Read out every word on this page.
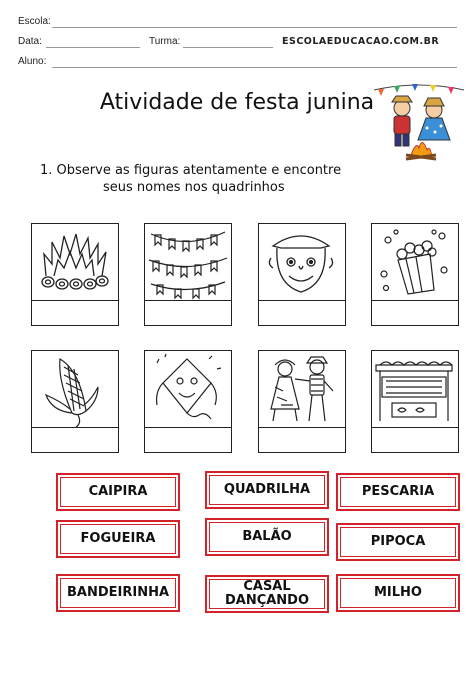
Escola:
Data:	Turma:	ESCOLAEDUCACAO.COM.BR
Aluno:
Atividade de festa junina
1. Observe as figuras atentamente e encontre
seus nomes nos quadrinhos
CAIPIRA	QUADRILHA	PESCARIA
FOGUEIRA	BALÃO	PIPOCA
BANDEIRINHA	CASAL
DANÇANDO
MILHO
